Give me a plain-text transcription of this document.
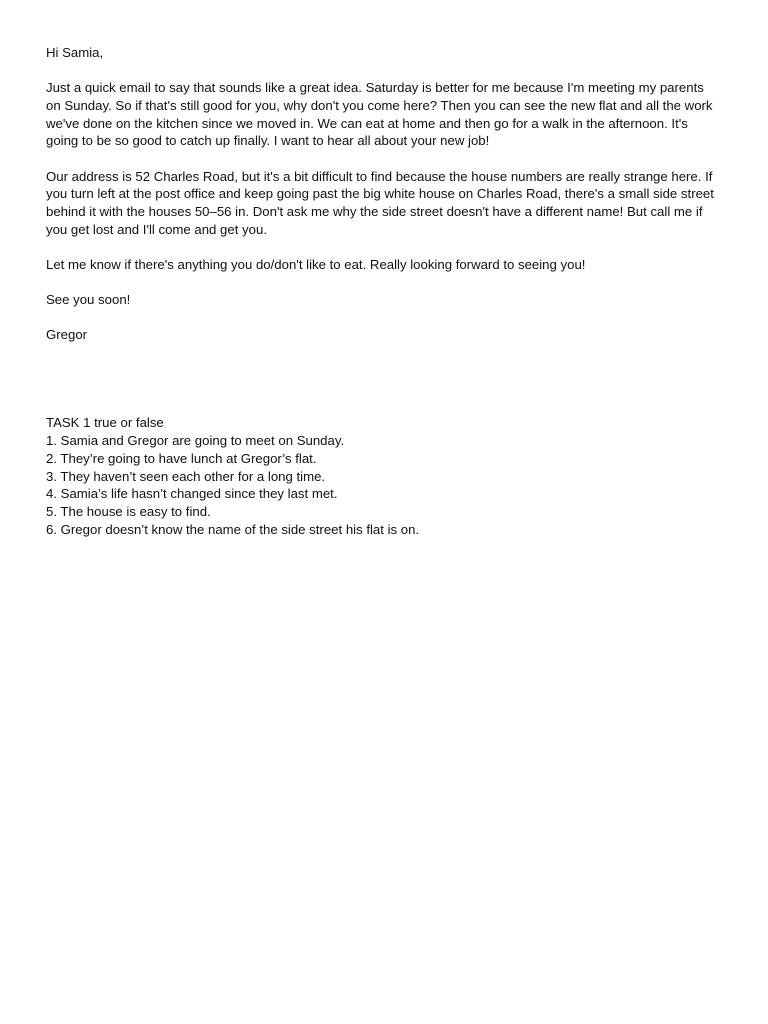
Hi Samia,

Just a quick email to say that sounds like a great idea. Saturday is better for me because I'm meeting my parents on Sunday. So if that's still good for you, why don't you come here? Then you can see the new flat and all the work we've done on the kitchen since we moved in. We can eat at home and then go for a walk in the afternoon. It's going to be so good to catch up finally. I want to hear all about your new job!

Our address is 52 Charles Road, but it's a bit difficult to find because the house numbers are really strange here. If you turn left at the post office and keep going past the big white house on Charles Road, there's a small side street behind it with the houses 50–56 in. Don't ask me why the side street doesn't have a different name! But call me if you get lost and I'll come and get you.

Let me know if there's anything you do/don't like to eat. Really looking forward to seeing you!

See you soon!

Gregor

TASK 1 true or false

1. Samia and Gregor are going to meet on Sunday.

2. They’re going to have lunch at Gregor’s flat.

3. They haven’t seen each other for a long time.

4. Samia’s life hasn’t changed since they last met.

5. The house is easy to find.

6. Gregor doesn’t know the name of the side street his flat is on.
